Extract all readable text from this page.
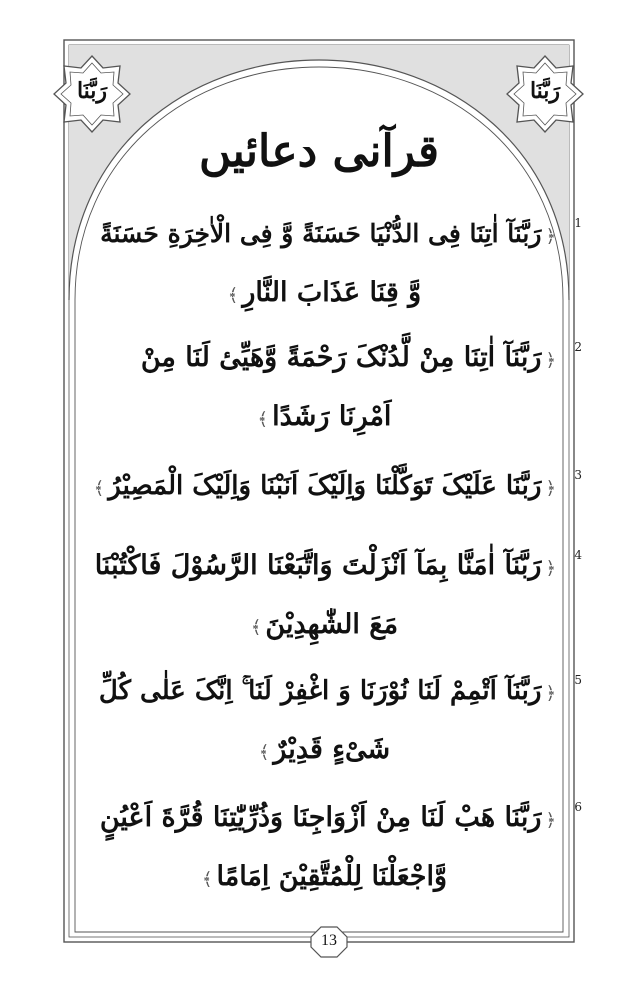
رَبَّنَا
رَبَّنَا
قرآنی دعائیں
1
﴿رَبَّنَآ اٰتِنَا فِی الدُّنْیَا حَسَنَةً وَّ فِی الْاٰخِرَةِ حَسَنَةً
وَّ قِنَا عَذَابَ النَّارِ﴾
2
﴿رَبَّنَآ اٰتِنَا مِنْ لَّدُنْکَ رَحْمَةً وَّهَیِّیٔ لَنَا مِنْ
اَمْرِنَا رَشَدًا﴾
3
﴿رَبَّنَا عَلَیْکَ تَوَکَّلْنَا وَاِلَیْکَ اَنَبْنَا وَاِلَیْکَ الْمَصِیْرُ﴾
4
﴿رَبَّنَآ اٰمَنَّا بِمَآ اَنْزَلْتَ وَاتَّبَعْنَا الرَّسُوْلَ فَاکْتُبْنَا
مَعَ الشّٰهِدِیْنَ﴾
5
﴿رَبَّنَآ اَتْمِمْ لَنَا نُوْرَنَا وَ اغْفِرْ لَنَا ۚ اِنَّکَ عَلٰی کُلِّ
شَیْءٍ قَدِیْرٌ﴾
6
﴿رَبَّنَا هَبْ لَنَا مِنْ اَزْوَاجِنَا وَذُرِّیّٰتِنَا قُرَّةَ اَعْیُنٍ
وَّاجْعَلْنَا لِلْمُتَّقِیْنَ اِمَامًا﴾
13
